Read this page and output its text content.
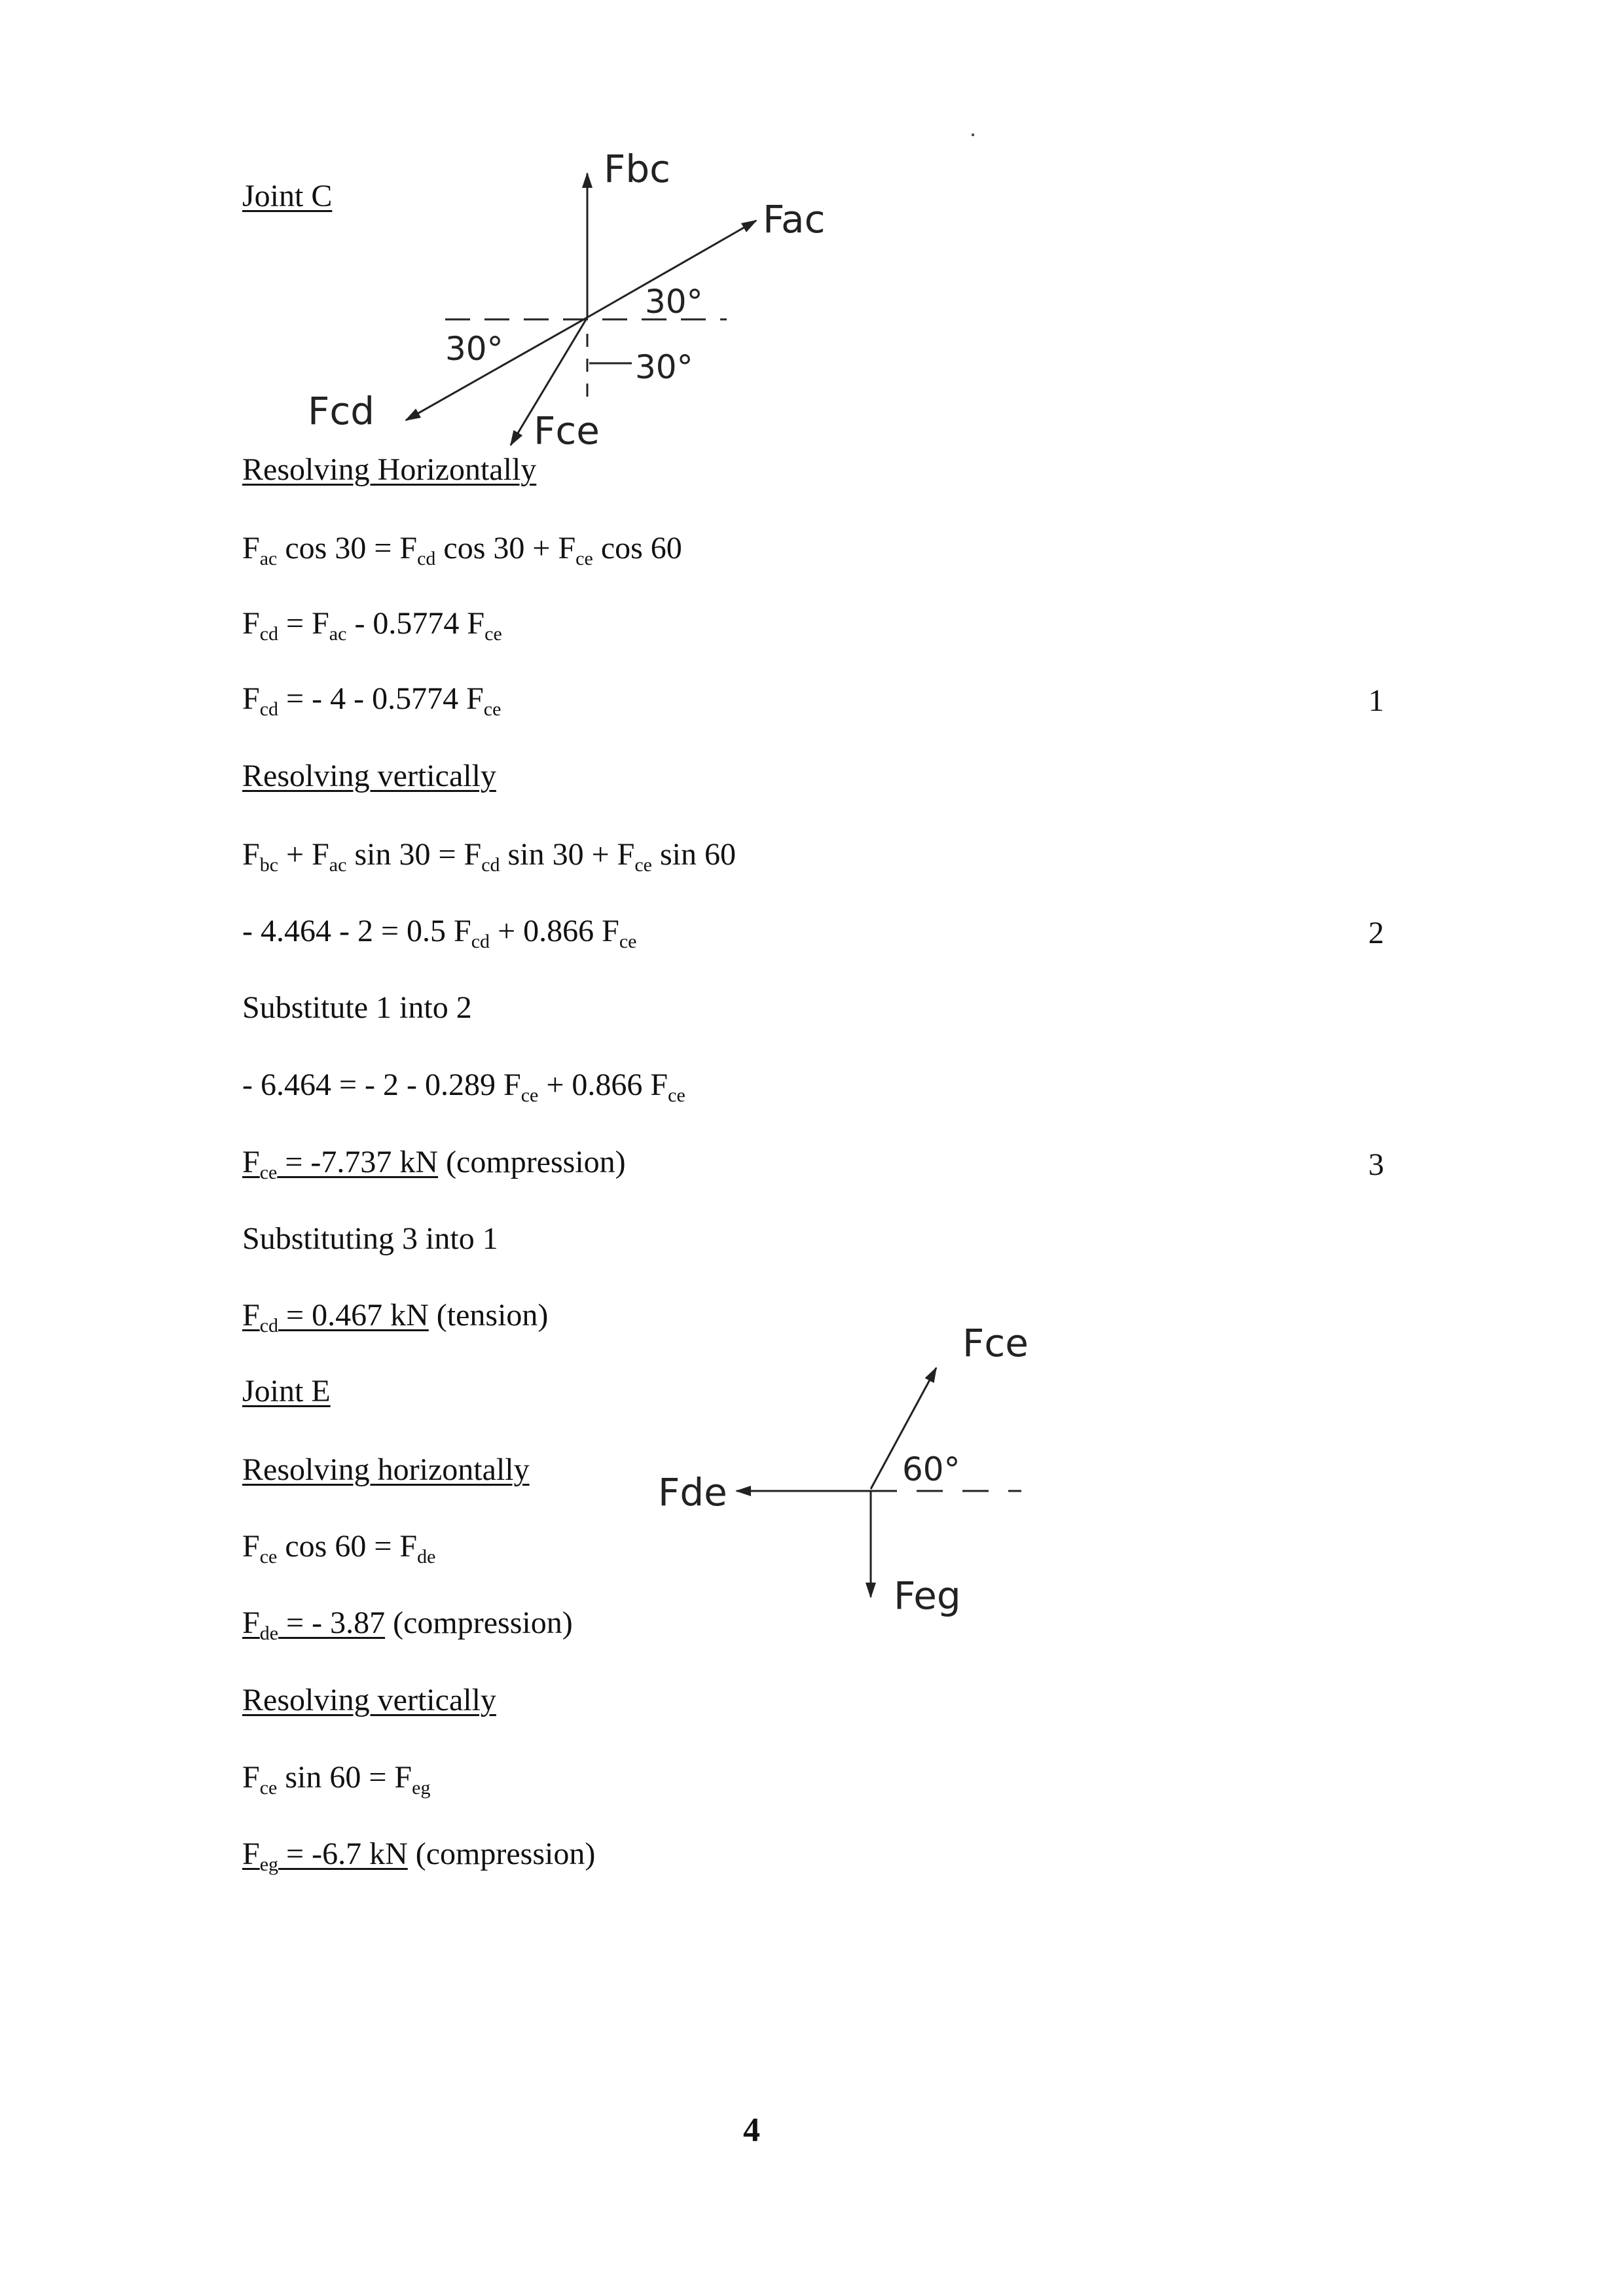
Joint C
Fbc
Fac
Fcd	Fce
30°
30°	30°
Fce
Fde
Feg
60°
Resolving Horizontally
$F_{ac}$ $\cos 30 = F_{cd}$ $\cos 30 + F_{ce}$ cos 60
$F_{cd} = F_{ac} - 0.5774$ $F_{ce}$
$F_{cd}$ = - 4 - 0.5774 $F_{ce}$	1
Resolving vertically
$F_{bc} + F_{ac}$ $\sin 30 = F_{cd}$ $\sin 30 + F_{ce}$ sin 60
- 4.464 - 2 = 0.5 $F_{cd} + 0.866$ $F_{ce}$	2
Substitute 1 into 2
- 6.464 = - 2 - 0.289 $F_{ce} + 0.866$ $F_{ce}$
$F_{ce} = -7.737$ kN (compression)	3
Substituting 3 into 1
$F_{cd} = 0.467$ kN (tension)
Joint E
Resolving horizontally
$F_{ce}$ $\cos 60 = F_{de}$
$F_{de}$ = - 3.87 (compression)
Resolving vertically
$F_{ce}$ $\sin 60 = F_{eg}$
$F_{eg} = -6.7$ kN (compression)
4
